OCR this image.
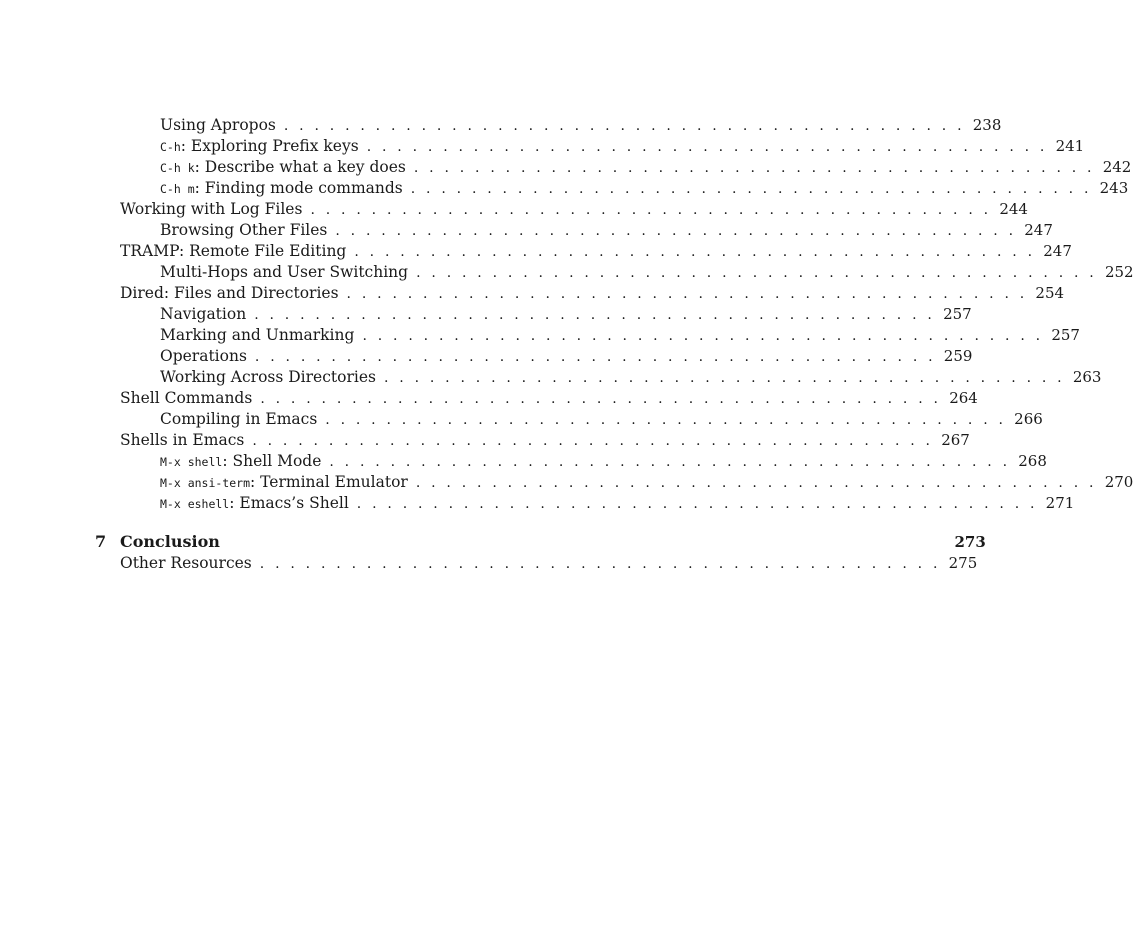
Using Apropos . . . . . . . . . . . . . . . . . . . . . . . . . . . . . . . . . . . . . . . . . . . . . 238
C-h: Exploring Prefix keys . . . . . . . . . . . . . . . . . . . . . . . . . . . . . . . . . . . . . . . . . . . . . 241
C-h k: Describe what a key does . . . . . . . . . . . . . . . . . . . . . . . . . . . . . . . . . . . . . . . . . . . . . 242
C-h m: Finding mode commands . . . . . . . . . . . . . . . . . . . . . . . . . . . . . . . . . . . . . . . . . . . . . 243
Working with Log Files . . . . . . . . . . . . . . . . . . . . . . . . . . . . . . . . . . . . . . . . . . . . . 244
Browsing Other Files . . . . . . . . . . . . . . . . . . . . . . . . . . . . . . . . . . . . . . . . . . . . . 247
TRAMP: Remote File Editing . . . . . . . . . . . . . . . . . . . . . . . . . . . . . . . . . . . . . . . . . . . . . 247
Multi-Hops and User Switching . . . . . . . . . . . . . . . . . . . . . . . . . . . . . . . . . . . . . . . . . . . . . 252
Dired: Files and Directories . . . . . . . . . . . . . . . . . . . . . . . . . . . . . . . . . . . . . . . . . . . . . 254
Navigation . . . . . . . . . . . . . . . . . . . . . . . . . . . . . . . . . . . . . . . . . . . . . 257
Marking and Unmarking . . . . . . . . . . . . . . . . . . . . . . . . . . . . . . . . . . . . . . . . . . . . . 257
Operations . . . . . . . . . . . . . . . . . . . . . . . . . . . . . . . . . . . . . . . . . . . . . 259
Working Across Directories . . . . . . . . . . . . . . . . . . . . . . . . . . . . . . . . . . . . . . . . . . . . . 263
Shell Commands . . . . . . . . . . . . . . . . . . . . . . . . . . . . . . . . . . . . . . . . . . . . . 264
Compiling in Emacs . . . . . . . . . . . . . . . . . . . . . . . . . . . . . . . . . . . . . . . . . . . . . 266
Shells in Emacs . . . . . . . . . . . . . . . . . . . . . . . . . . . . . . . . . . . . . . . . . . . . . 267
M-x shell: Shell Mode . . . . . . . . . . . . . . . . . . . . . . . . . . . . . . . . . . . . . . . . . . . . . 268
M-x ansi-term: Terminal Emulator . . . . . . . . . . . . . . . . . . . . . . . . . . . . . . . . . . . . . . . . . . . . . 270
M-x eshell: Emacs’s Shell . . . . . . . . . . . . . . . . . . . . . . . . . . . . . . . . . . . . . . . . . . . . . 271
7 Conclusion	273
Other Resources . . . . . . . . . . . . . . . . . . . . . . . . . . . . . . . . . . . . . . . . . . . . . 275
